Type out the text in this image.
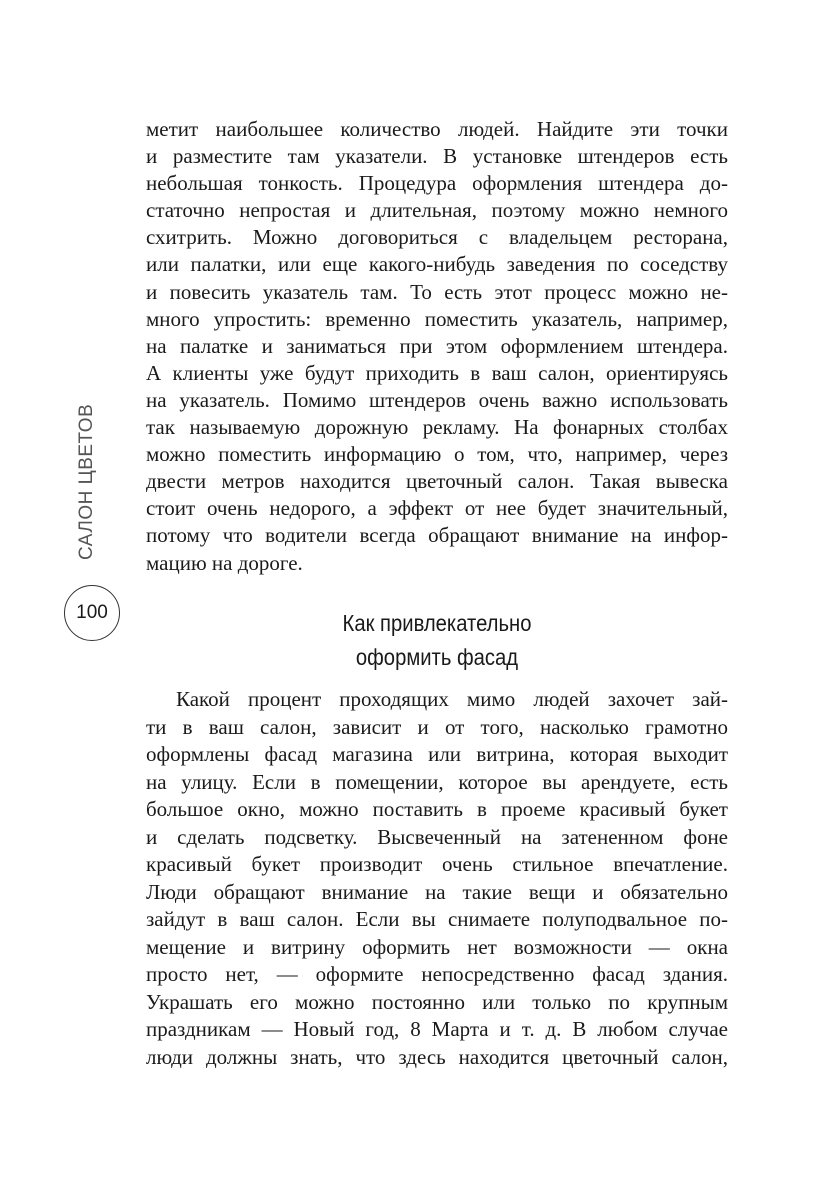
САЛОН ЦВЕТОВ
100
метит наибольшее количество людей. Найдите эти точки
и разместите там указатели. В установке штендеров есть
небольшая тонкость. Процедура оформления штендера до-
статочно непростая и длительная, поэтому можно немного
схитрить. Можно договориться с владельцем ресторана,
или палатки, или еще какого-нибудь заведения по соседству
и повесить указатель там. То есть этот процесс можно не-
много упростить: временно поместить указатель, например,
на палатке и заниматься при этом оформлением штендера.
А клиенты уже будут приходить в ваш салон, ориентируясь
на указатель. Помимо штендеров очень важно использовать
так называемую дорожную рекламу. На фонарных столбах
можно поместить информацию о том, что, например, через
двести метров находится цветочный салон. Такая вывеска
стоит очень недорого, а эффект от нее будет значительный,
потому что водители всегда обращают внимание на инфор-
мацию на дороге.
Как привлекательно
оформить фасад
Какой процент проходящих мимо людей захочет зай-
ти в ваш салон, зависит и от того, насколько грамотно
оформлены фасад магазина или витрина, которая выходит
на улицу. Если в помещении, которое вы арендуете, есть
большое окно, можно поставить в проеме красивый букет
и сделать подсветку. Высвеченный на затененном фоне
красивый букет производит очень стильное впечатление.
Люди обращают внимание на такие вещи и обязательно
зайдут в ваш салон. Если вы снимаете полуподвальное по-
мещение и витрину оформить нет возможности — окна
просто нет, — оформите непосредственно фасад здания.
Украшать его можно постоянно или только по крупным
праздникам — Новый год, 8 Марта и т. д. В любом случае
люди должны знать, что здесь находится цветочный салон,
